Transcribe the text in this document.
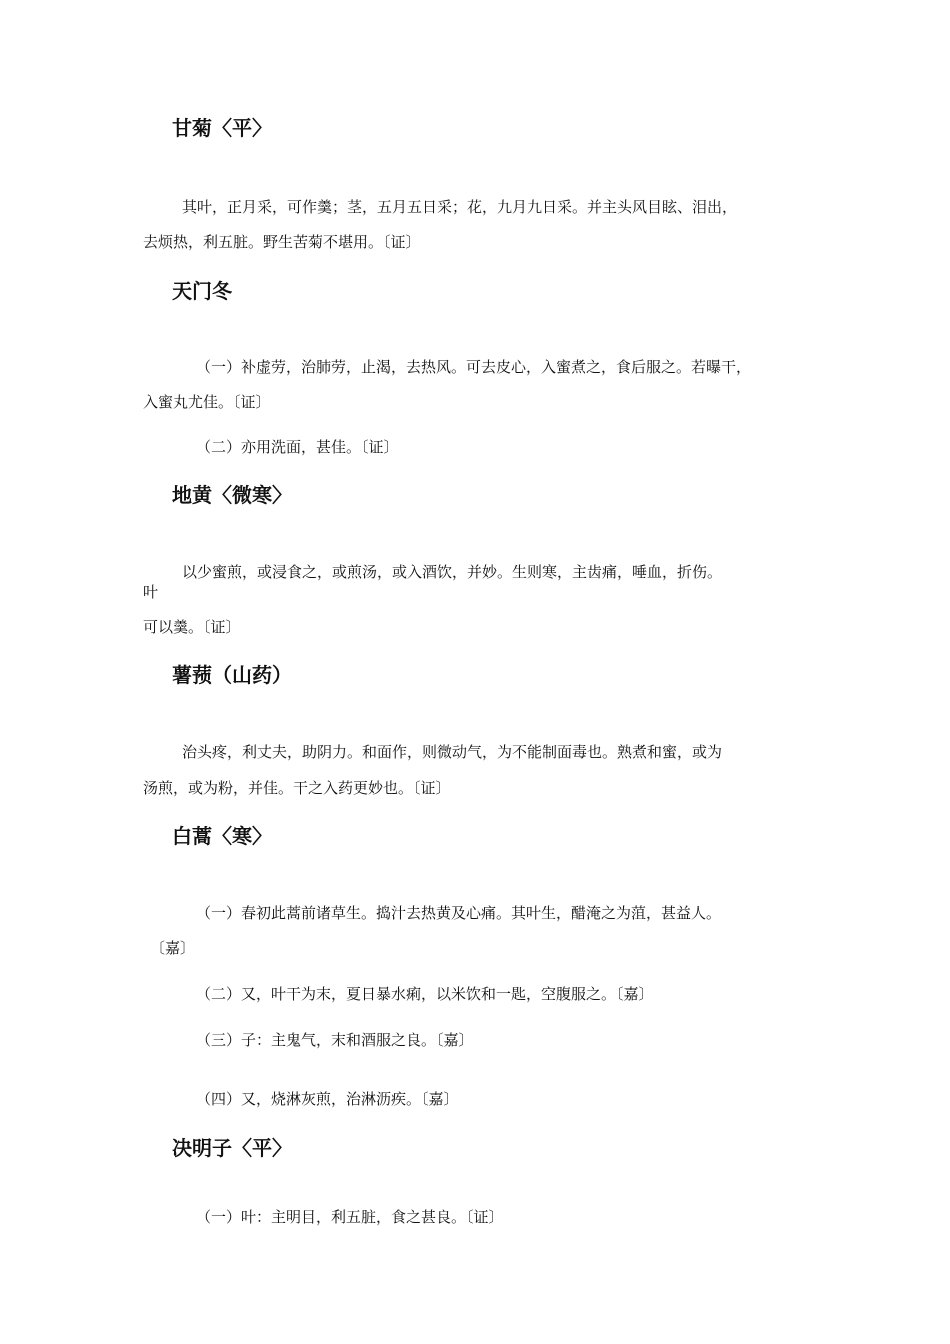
甘菊〈平〉
其叶，正月采，可作羹；茎，五月五日采；花，九月九日采。并主头风目眩、泪出，
去烦热，利五脏。野生苦菊不堪用。〔证〕
天门冬
（一）补虚劳，治肺劳，止渴，去热风。可去皮心，入蜜煮之，食后服之。若曝干，
入蜜丸尤佳。〔证〕
（二）亦用洗面，甚佳。〔证〕
地黄〈微寒〉
以少蜜煎，或浸食之，或煎汤，或入酒饮，并妙。生则寒，主齿痛，唾血，折伤。
叶
可以羹。〔证〕
薯蓣（山药）
治头疼，利丈夫，助阴力。和面作，则微动气，为不能制面毒也。熟煮和蜜，或为
汤煎，或为粉，并佳。干之入药更妙也。〔证〕
白蒿〈寒〉
（一）春初此蒿前诸草生。捣汁去热黄及心痛。其叶生，醋淹之为菹，甚益人。
〔嘉〕
（二）又，叶干为末，夏日暴水痢，以米饮和一匙，空腹服之。〔嘉〕
（三）子：主鬼气，末和酒服之良。〔嘉〕
（四）又，烧淋灰煎，治淋沥疾。〔嘉〕
决明子〈平〉
（一）叶：主明目，利五脏，食之甚良。〔证〕
